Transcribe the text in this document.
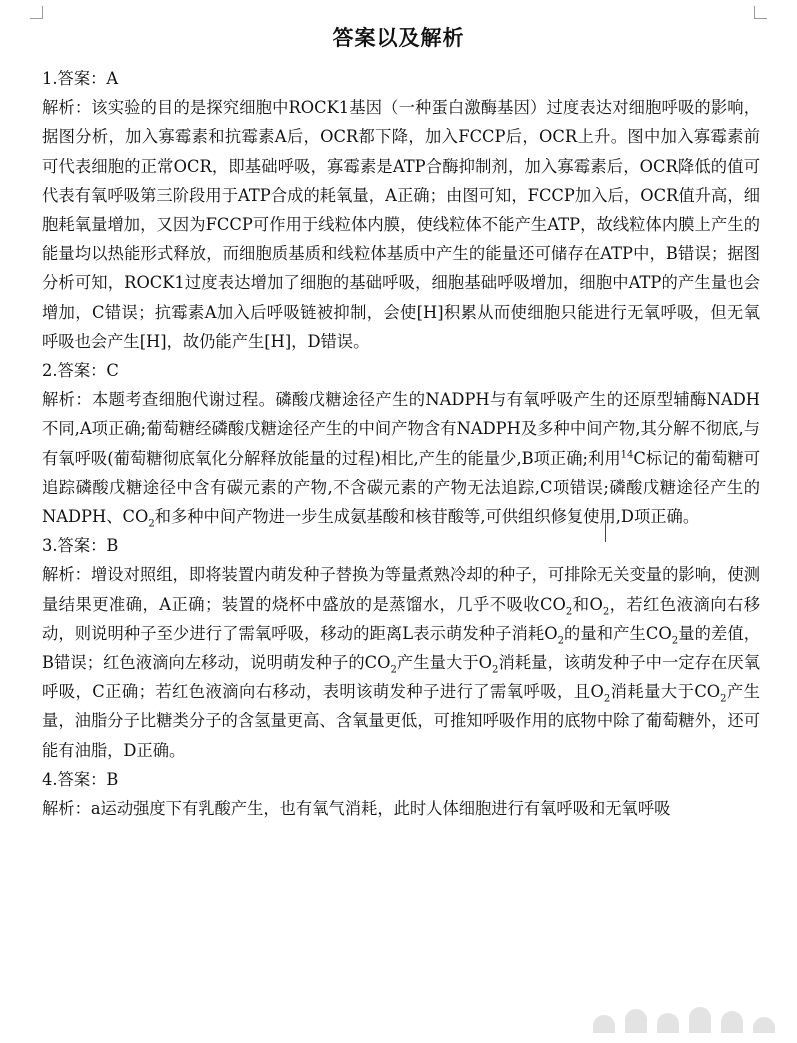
答案以及解析

1.答案：A

解析：该实验的目的是探究细胞中ROCK1基因（一种蛋白激酶基因）过度表达对细胞呼吸的影响，据图分析，加入寡霉素和抗霉素A后，OCR都下降，加入FCCP后，OCR上升。图中加入寡霉素前可代表细胞的正常OCR，即基础呼吸，寡霉素是ATP合酶抑制剂，加入寡霉素后，OCR降低的值可代表有氧呼吸第三阶段用于ATP合成的耗氧量，A正确；由图可知，FCCP加入后，OCR值升高，细胞耗氧量增加，又因为FCCP可作用于线粒体内膜，使线粒体不能产生ATP，故线粒体内膜上产生的能量均以热能形式释放，而细胞质基质和线粒体基质中产生的能量还可储存在ATP中，B错误；据图分析可知，ROCK1过度表达增加了细胞的基础呼吸，细胞基础呼吸增加，细胞中ATP的产生量也会增加，C错误；抗霉素A加入后呼吸链被抑制，会使[H]积累从而使细胞只能进行无氧呼吸，但无氧呼吸也会产生[H]，故仍能产生[H]，D错误。

2.答案：C

解析：本题考查细胞代谢过程。磷酸戊糖途径产生的NADPH与有氧呼吸产生的还原型辅酶NADH不同,A项正确;葡萄糖经磷酸戊糖途径产生的中间产物含有NADPH及多种中间产物,其分解不彻底,与有氧呼吸(葡萄糖彻底氧化分解释放能量的过程)相比,产生的能量少,B项正确;利用$^{14}$C标记的葡萄糖可追踪磷酸戊糖途径中含有碳元素的产物,不含碳元素的产物无法追踪,C项错误;磷酸戊糖途径产生的NADPH、$CO_2$和多种中间产物进一步生成氨基酸和核苷酸等,可供组织修复使用,D项正确。

3.答案：B

解析：增设对照组，即将装置内萌发种子替换为等量煮熟冷却的种子，可排除无关变量的影响，使测量结果更准确，A正确；装置的烧杯中盛放的是蒸馏水，几乎不吸收$CO_2$和$O_2$，若红色液滴向右移动，则说明种子至少进行了需氧呼吸，移动的距离L表示萌发种子消耗$O_2$的量和产生$CO_2$量的差值，B错误；红色液滴向左移动，说明萌发种子的$CO_2$产生量大于$O_2$消耗量，该萌发种子中一定存在厌氧呼吸，C正确；若红色液滴向右移动，表明该萌发种子进行了需氧呼吸，且$O_2$消耗量大于$CO_2$产生量，油脂分子比糖类分子的含氢量更高、含氧量更低，可推知呼吸作用的底物中除了葡萄糖外，还可能有油脂，D正确。

4.答案：B

解析：a运动强度下有乳酸产生，也有氧气消耗，此时人体细胞进行有氧呼吸和无氧呼吸
